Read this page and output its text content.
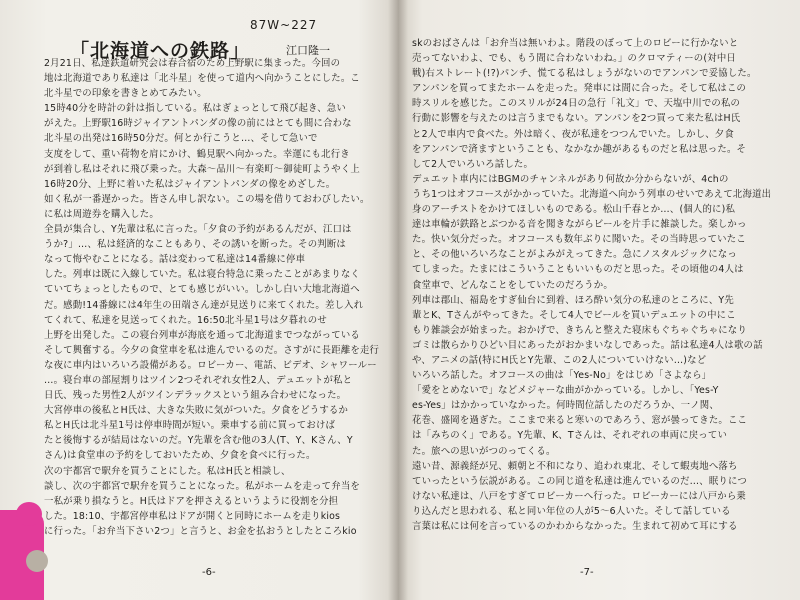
87W~227
「北海道への鉄路」	江口隆一
2月21日、私達鉄道研究会は春合宿のため上野駅に集まった。今回の
地は北海道であり私達は「北斗星」を使って道内へ向かうことにした。こ
北斗星での印象を書きとめてみたい。
15時40分を時計の針は指している。私はぎょっとして飛び起き、急い
がえた。上野駅16時ジャイアントパンダの像の前にはとても間に合わな
北斗星の出発は16時50分だ。何とか行こうと…、そして急いで
支度をして、重い荷物を肩にかけ、鶴見駅へ向かった。幸運にも北行き
が到着し私はそれに飛び乗った。大森〜品川〜有楽町〜御徒町ようやく上
16時20分、上野に着いた私はジャイアントパンダの像をめざした。
如く私が一番遅かった。皆さん申し訳ない。この場を借りておわびしたい。
に私は周遊券を購入した。
全員が集合し、Y先輩は私に言った。「夕食の予約があるんだが、江口は
うか?」…、私は経済的なこともあり、その誘いを断った。その判断は
なって悔やむことになる。話は変わって私達は14番線に停車
した。列車は既に入線していた。私は寝台特急に乗ったことがあまりなく
ていてちょっとしたもので、とても感じがいい。しかし白い大地北海道へ
だ。感動!14番線には4年生の田端さん達が見送りに来てくれた。差し入れ
てくれて、私達を見送ってくれた。16:50北斗星1号は夕暮れのせ
上野を出発した。この寝台列車が海底を通って北海道までつながっている
そして興奮する。今夕の食堂車を私は進んでいるのだ。さすがに長距離を走行
な夜に車内はいろいろ設備がある。ロビーカー、電話、ビデオ、シャワールー
…。寝台車の部屋割りはツイン2つそれぞれ女性2人、デュエットが私と
日氏、残った男性2人がツインデラックスという組み合わせになった。
大宮停車の後私とH氏は、大きな失敗に気がついた。夕食をどうするか
私とH氏は北斗星1号は停車時間が短い。乗車する前に買っておけば
たと後悔するが結局はないのだ。Y先輩を含む他の3人(T、Y、Kさん、Y
さん)は食堂車の予約をしておいたため、夕食を食べに行った。
次の宇都宮で駅弁を買うことにした。私はH氏と相談し、
談し、次の宇都宮で駅弁を買うことになった。私がホームを走って弁当を
一私が乗り損なうと。H氏はドアを押さえるというように役割を分担
した。18:10、宇都宮停車私はドアが開くと同時にホームを走りkios
に行った。「お弁当下さい2つ」と言うと、お金を払おうとしたところkio
-6-
skのおばさんは「お弁当は無いわよ。階段のぼって上のロビーに行かないと
売ってないわよ、でも、もう間に合わないわね。」のクロマティーの(対中日
戦)右ストレート(!?)パンチ、慌てる私はしょうがないのでアンパンで妥協した。
アンパンを買ってまたホームを走った。発車には間に合った。そして私はこの
時スリルを感じた。このスリルが24日の急行「礼文」で、天塩中川での私の
行動に影響を与えたのは言うまでもない。アンパンを2つ買って来た私はH氏
と2人で車内で食べた。外は暗く、夜が私達をつつんでいた。しかし、夕食
をアンパンで済ますということも、なかなか趣があるものだと私は思った。そ
して2人でいろいろ話した。
デュエット車内にはBGMのチャンネルがあり何故か分からないが、4chの
うち1つはオフコースがかかっていた。北海道へ向かう列車のせいであえて北海道出
身のアーチストをかけてほしいものである。松山千春とか…、(個人的に)私
達は車輪が鉄路とぶつかる音を聞きながらビールを片手に雑談した。楽しかっ
た。快い気分だった。オフコースも数年ぶりに聞いた。その当時思っていたこ
と、その他いろいろなことがよみがえってきた。急にノスタルジックになっ
てしまった。たまにはこういうこともいいものだと思った。その頃他の4人は
食堂車で、どんなことをしていたのだろうか。
列車は郡山、福島をすぎ仙台に到着、ほろ酔い気分の私達のところに、Y先
輩とK、Tさんがやってきた。そして4人でビールを買いデュエットの中にこ
もり雑談会が始まった。おかげで、きちんと整えた寝床もぐちゃぐちゃになり
ゴミは散らかりひどい目にあったがおかまいなしであった。話は私達4人は歌の話
や、アニメの話(特にH氏とY先輩、この2人についていけない…)など
いろいろ話した。オフコースの曲は「Yes-No」をはじめ「さよなら」
「愛をとめないで」などメジャーな曲がかかっている。しかし、「Yes-Y
es-Yes」はかかっていなかった。何時間位話したのだろうか、一ノ関、
花巻、盛岡を過ぎた。ここまで来ると寒いのであろう、窓が曇ってきた。ここ
は「みちのく」である。Y先輩、K、Tさんは、それぞれの車両に戻ってい
た。旅への思いがつのってくる。
遠い昔、源義経が兄、頼朝と不和になり、追われ東北、そして蝦夷地へ落ち
ていったという伝説がある。この同じ道を私達は進んでいるのだ…、眠りにつ
けない私達は、八戸をすぎてロビーカーへ行った。ロビーカーには八戸から乗
り込んだと思われる、私と同い年位の人が5〜6人いた。そして話している
言葉は私には何を言っているのかわからなかった。生まれて初めて耳にする
-7-
